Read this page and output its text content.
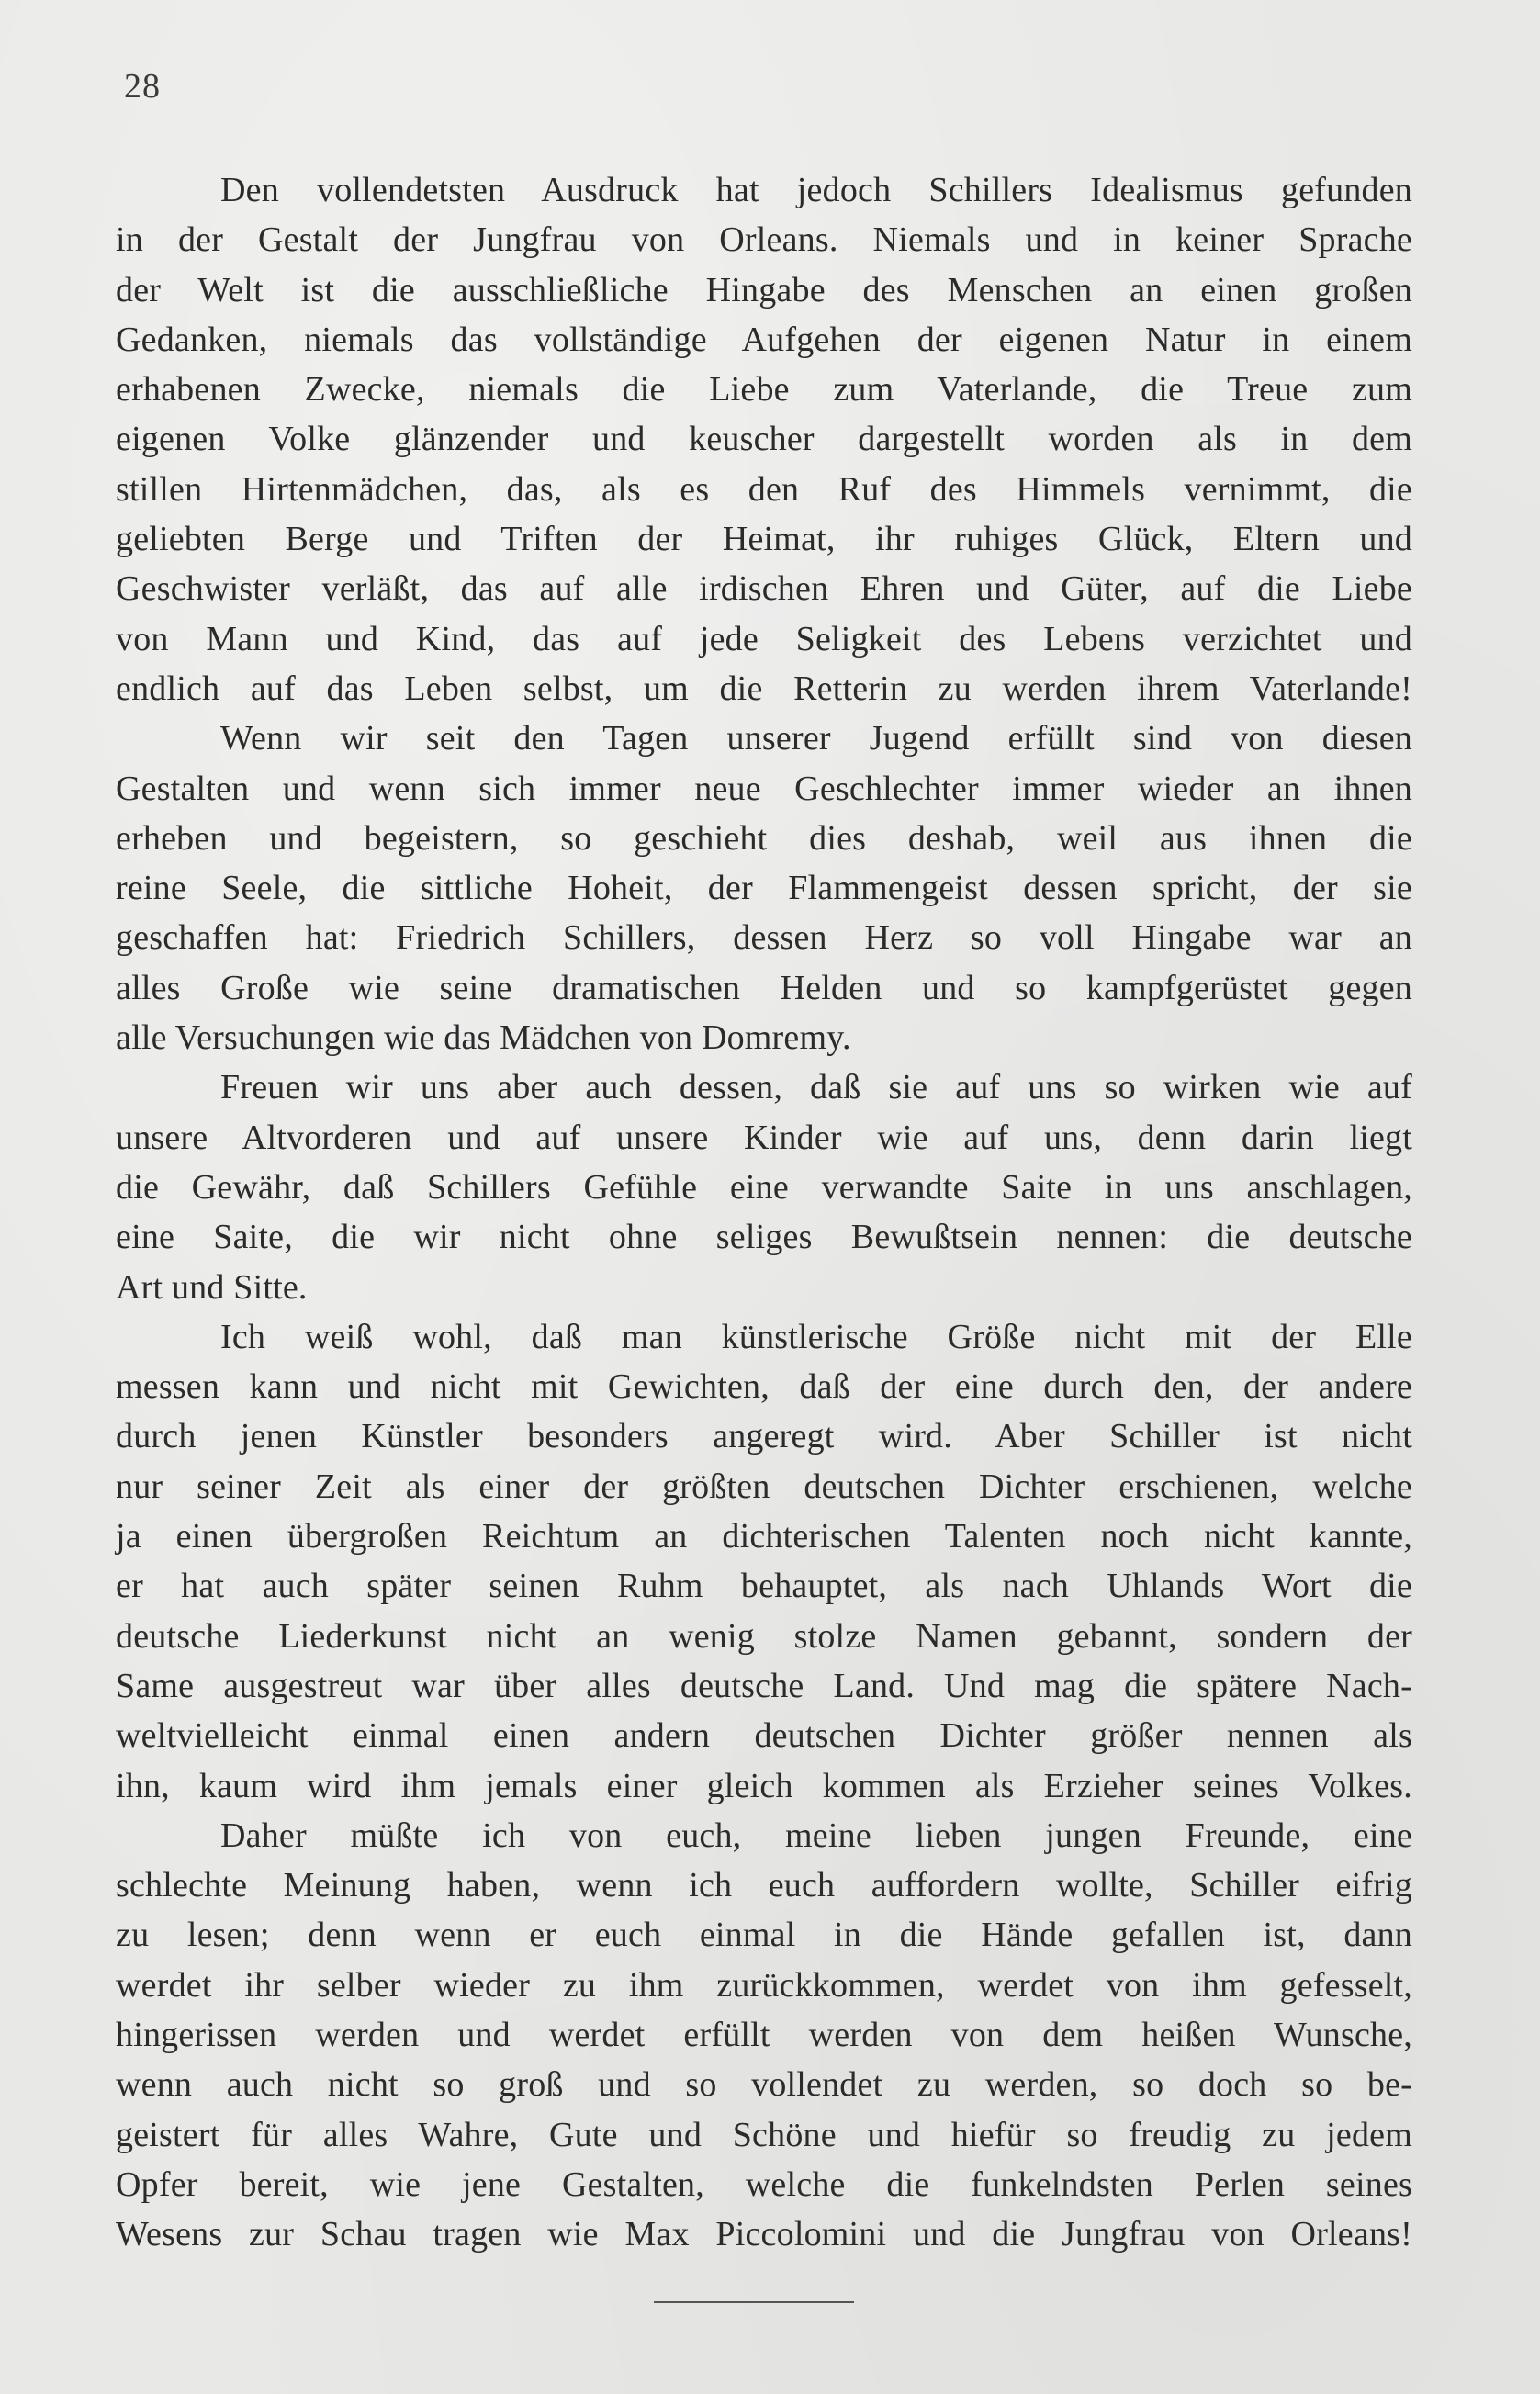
28
Den vollendetsten Ausdruck hat jedoch Schillers Idealismus gefunden
in der Gestalt der Jungfrau von Orleans. Niemals und in keiner Sprache
der Welt ist die ausschließliche Hingabe des Menschen an einen großen
Gedanken, niemals das vollständige Aufgehen der eigenen Natur in einem
erhabenen Zwecke, niemals die Liebe zum Vaterlande, die Treue zum
eigenen Volke glänzender und keuscher dargestellt worden als in dem
stillen Hirtenmädchen, das, als es den Ruf des Himmels vernimmt, die
geliebten Berge und Triften der Heimat, ihr ruhiges Glück, Eltern und
Geschwister verläßt, das auf alle irdischen Ehren und Güter, auf die Liebe
von Mann und Kind, das auf jede Seligkeit des Lebens verzichtet und
endlich auf das Leben selbst, um die Retterin zu werden ihrem Vaterlande!
Wenn wir seit den Tagen unserer Jugend erfüllt sind von diesen
Gestalten und wenn sich immer neue Geschlechter immer wieder an ihnen
erheben und begeistern, so geschieht dies deshab, weil aus ihnen die
reine Seele, die sittliche Hoheit, der Flammengeist dessen spricht, der sie
geschaffen hat: Friedrich Schillers, dessen Herz so voll Hingabe war an
alles Große wie seine dramatischen Helden und so kampfgerüstet gegen
alle Versuchungen wie das Mädchen von Domremy.
Freuen wir uns aber auch dessen, daß sie auf uns so wirken wie auf
unsere Altvorderen und auf unsere Kinder wie auf uns, denn darin liegt
die Gewähr, daß Schillers Gefühle eine verwandte Saite in uns anschlagen,
eine Saite, die wir nicht ohne seliges Bewußtsein nennen: die deutsche
Art und Sitte.
Ich weiß wohl, daß man künstlerische Größe nicht mit der Elle
messen kann und nicht mit Gewichten, daß der eine durch den, der andere
durch jenen Künstler besonders angeregt wird. Aber Schiller ist nicht
nur seiner Zeit als einer der größten deutschen Dichter erschienen, welche
ja einen übergroßen Reichtum an dichterischen Talenten noch nicht kannte,
er hat auch später seinen Ruhm behauptet, als nach Uhlands Wort die
deutsche Liederkunst nicht an wenig stolze Namen gebannt, sondern der
Same ausgestreut war über alles deutsche Land. Und mag die spätere Nach-
weltvielleicht einmal einen andern deutschen Dichter größer nennen als
ihn, kaum wird ihm jemals einer gleich kommen als Erzieher seines Volkes.
Daher müßte ich von euch, meine lieben jungen Freunde, eine
schlechte Meinung haben, wenn ich euch auffordern wollte, Schiller eifrig
zu lesen; denn wenn er euch einmal in die Hände gefallen ist, dann
werdet ihr selber wieder zu ihm zurückkommen, werdet von ihm gefesselt,
hingerissen werden und werdet erfüllt werden von dem heißen Wunsche,
wenn auch nicht so groß und so vollendet zu werden, so doch so be-
geistert für alles Wahre, Gute und Schöne und hiefür so freudig zu jedem
Opfer bereit, wie jene Gestalten, welche die funkelndsten Perlen seines
Wesens zur Schau tragen wie Max Piccolomini und die Jungfrau von Orleans!
